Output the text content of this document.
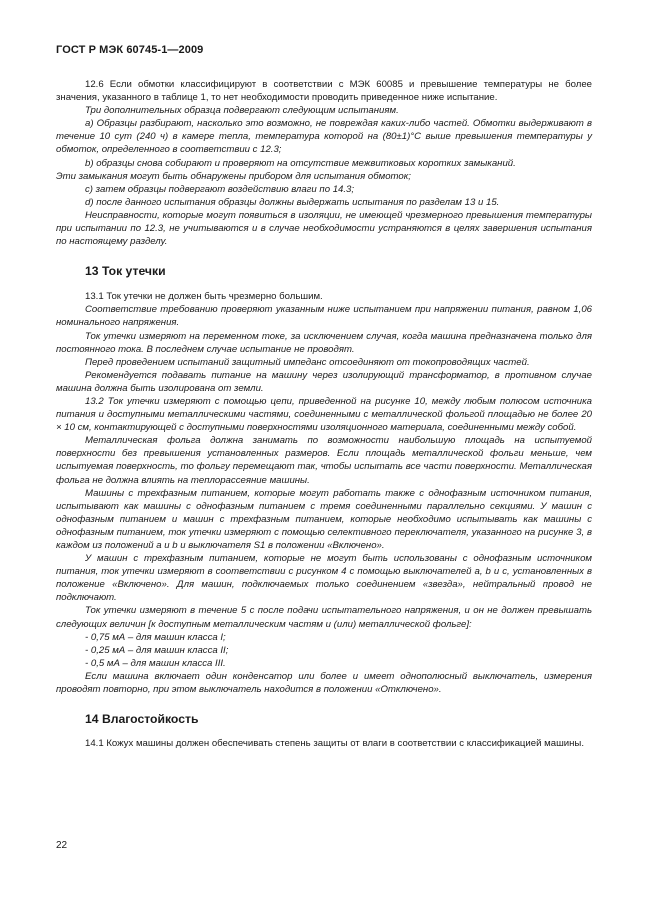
ГОСТ Р МЭК 60745-1—2009

12.6 Если обмотки классифицируют в соответствии с МЭК 60085 и превышение температуры не более значения, указанного в таблице 1, то нет необходимости проводить приведенное ниже испытание.

Три дополнительных образца подвергают следующим испытаниям.

а) Образцы разбирают, насколько это возможно, не повреждая каких-либо частей. Обмотки выдерживают в течение 10 сут (240 ч) в камере тепла, температура которой на (80±1)°С выше превышения температуры у обмоток, определенного в соответствии с 12.3;

b) образцы снова собирают и проверяют на отсутствие межвитковых коротких замыканий.

Эти замыкания могут быть обнаружены прибором для испытания обмоток;

с) затем образцы подвергают воздействию влаги по 14.3;

d) после данного испытания образцы должны выдержать испытания по разделам 13 и 15.

Неисправности, которые могут появиться в изоляции, не имеющей чрезмерного превышения температуры при испытании по 12.3, не учитываются и в случае необходимости устраняются в целях завершения испытания по настоящему разделу.

13 Ток утечки

13.1 Ток утечки не должен быть чрезмерно большим.

Соответствие требованию проверяют указанным ниже испытанием при напряжении питания, равном 1,06 номинального напряжения.

Ток утечки измеряют на переменном токе, за исключением случая, когда машина предназначена только для постоянного тока. В последнем случае испытание не проводят.

Перед проведением испытаний защитный импеданс отсоединяют от токопроводящих частей.

Рекомендуется подавать питание на машину через изолирующий трансформатор, в противном случае машина должна быть изолирована от земли.

13.2 Ток утечки измеряют с помощью цепи, приведенной на рисунке 10, между любым полюсом источника питания и доступными металлическими частями, соединенными с металлической фольгой площадью не более 20 × 10 см, контактирующей с доступными поверхностями изоляционного материала, соединенными между собой.

Металлическая фольга должна занимать по возможности наибольшую площадь на испытуемой поверхности без превышения установленных размеров. Если площадь металлической фольги меньше, чем испытуемая поверхность, то фольгу перемещают так, чтобы испытать все части поверхности. Металлическая фольга не должна влиять на теплорассеяние машины.

Машины с трехфазным питанием, которые могут работать также с однофазным источником питания, испытывают как машины с однофазным питанием с тремя соединенными параллельно секциями. У машин с однофазным питанием и машин с трехфазным питанием, которые необходимо испытывать как машины с однофазным питанием, ток утечки измеряют с помощью селективного переключателя, указанного на рисунке 3, в каждом из положений а и b и выключателя S1 в положении «Включено».

У машин с трехфазным питанием, которые не могут быть использованы с однофазным источником питания, ток утечки измеряют в соответствии с рисунком 4 с помощью выключателей а, b и с, установленных в положение «Включено». Для машин, подключаемых только соединением «звезда», нейтральный провод не подключают.

Ток утечки измеряют в течение 5 с после подачи испытательного напряжения, и он не должен превышать следующих величин [к доступным металлическим частям и (или) металлической фольге]:

- 0,75 мА – для машин класса I;

- 0,25 мА – для машин класса II;

- 0,5 мА – для машин класса III.

Если машина включает один конденсатор или более и имеет однополюсный выключатель, измерения проводят повторно, при этом выключатель находится в положении «Отключено».

14 Влагостойкость

14.1 Кожух машины должен обеспечивать степень защиты от влаги в соответствии с классификацией машины.

22
